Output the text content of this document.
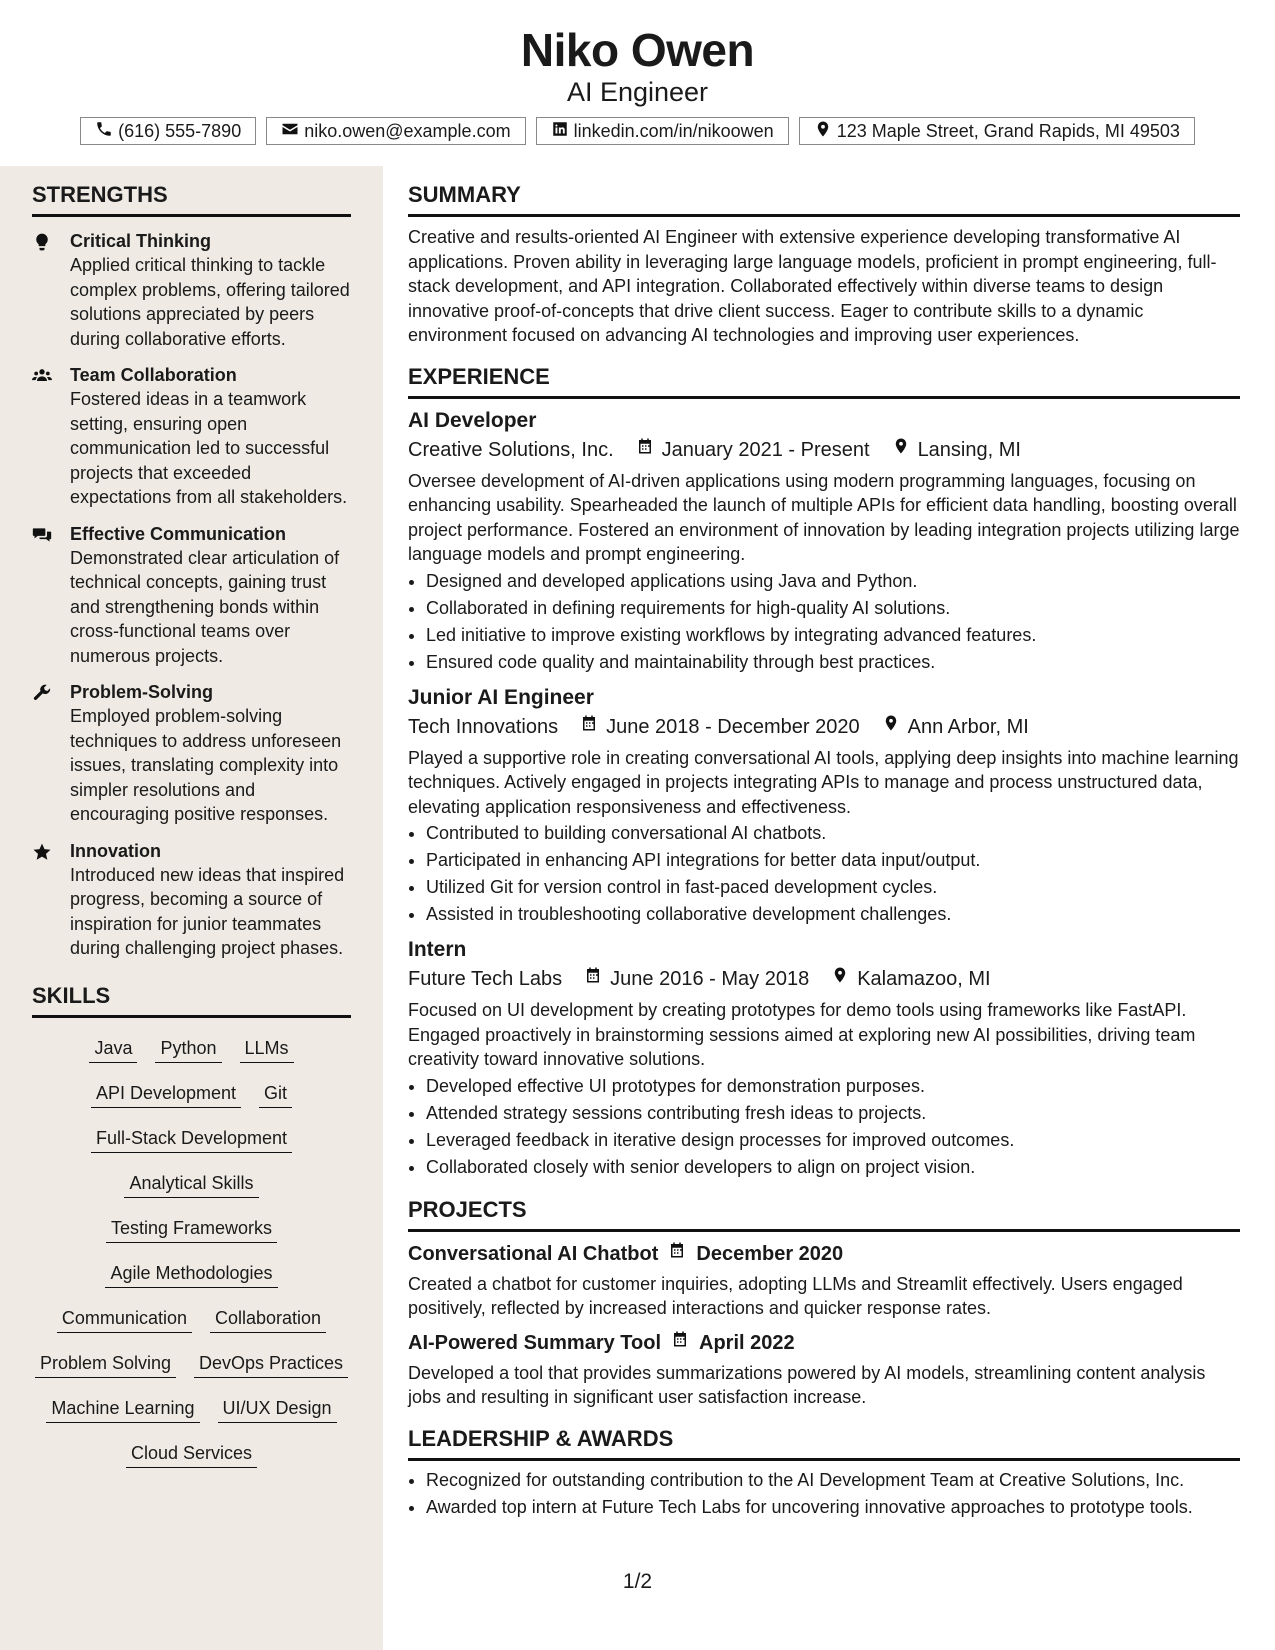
Niko Owen
AI Engineer
(616) 555-7890	niko.owen@example.com	linkedin.com/in/nikoowen	123 Maple Street, Grand Rapids, MI 49503
STRENGTHS
Critical Thinking

Applied critical thinking to tackle complex problems, offering tailored solutions appreciated by peers during collaborative efforts.

Team Collaboration

Fostered ideas in a teamwork setting, ensuring open communication led to successful projects that exceeded expectations from all stakeholders.

Effective Communication

Demonstrated clear articulation of technical concepts, gaining trust and strengthening bonds within cross-functional teams over numerous projects.

Problem-Solving

Employed problem-solving techniques to address unforeseen issues, translating complexity into simpler resolutions and encouraging positive responses.

Innovation

Introduced new ideas that inspired progress, becoming a source of inspiration for junior teammates during challenging project phases.

SKILLS
Java Python LLMs
API Development Git
Full-Stack Development
Analytical Skills
Testing Frameworks
Agile Methodologies
Communication Collaboration
Problem Solving DevOps Practices
Machine Learning UI/UX Design
Cloud Services
SUMMARY

Creative and results-oriented AI Engineer with extensive experience developing transformative AI applications. Proven ability in leveraging large language models, proficient in prompt engineering, full-stack development, and API integration. Collaborated effectively within diverse teams to design innovative proof-of-concepts that drive client success. Eager to contribute skills to a dynamic environment focused on advancing AI technologies and improving user experiences.

EXPERIENCE
AI Developer
Creative Solutions, Inc. January 2021 - Present Lansing, MI

Oversee development of AI-driven applications using modern programming languages, focusing on enhancing usability. Spearheaded the launch of multiple APIs for efficient data handling, boosting overall project performance. Fostered an environment of innovation by leading integration projects utilizing large language models and prompt engineering.

• Designed and developed applications using Java and Python.
• Collaborated in defining requirements for high-quality AI solutions.
• Led initiative to improve existing workflows by integrating advanced features.
• Ensured code quality and maintainability through best practices.
Junior AI Engineer
Tech Innovations June 2018 - December 2020 Ann Arbor, MI

Played a supportive role in creating conversational AI tools, applying deep insights into machine learning techniques. Actively engaged in projects integrating APIs to manage and process unstructured data, elevating application responsiveness and effectiveness.

• Contributed to building conversational AI chatbots.
• Participated in enhancing API integrations for better data input/output.
• Utilized Git for version control in fast-paced development cycles.
• Assisted in troubleshooting collaborative development challenges.
Intern
Future Tech Labs June 2016 - May 2018 Kalamazoo, MI

Focused on UI development by creating prototypes for demo tools using frameworks like FastAPI. Engaged proactively in brainstorming sessions aimed at exploring new AI possibilities, driving team creativity toward innovative solutions.

• Developed effective UI prototypes for demonstration purposes.
• Attended strategy sessions contributing fresh ideas to projects.
• Leveraged feedback in iterative design processes for improved outcomes.
• Collaborated closely with senior developers to align on project vision.
PROJECTS
Conversational AI Chatbot December 2020

Created a chatbot for customer inquiries, adopting LLMs and Streamlit effectively. Users engaged positively, reflected by increased interactions and quicker response rates.

AI-Powered Summary Tool April 2022

Developed a tool that provides summarizations powered by AI models, streamlining content analysis jobs and resulting in significant user satisfaction increase.

LEADERSHIP & AWARDS
• Recognized for outstanding contribution to the AI Development Team at Creative Solutions, Inc.
• Awarded top intern at Future Tech Labs for uncovering innovative approaches to prototype tools.
1/2
